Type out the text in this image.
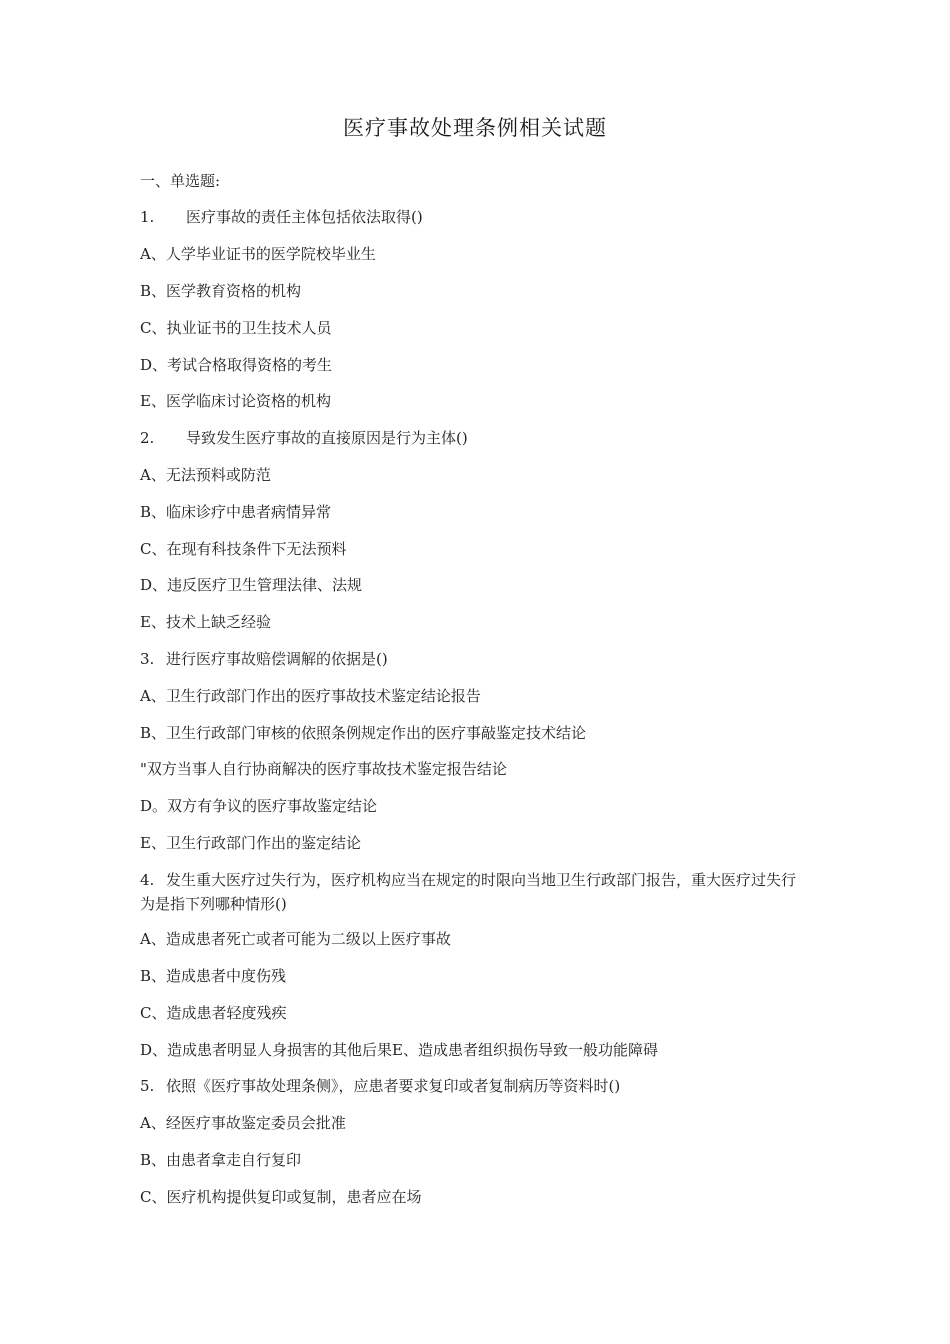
医疗事故处理条例相关试题
一、单选题:
1. 医疗事故的责任主体包括依法取得()
A、人学毕业证书的医学院校毕业生
B、医学教育资格的机构
C、执业证书的卫生技术人员
D、考试合格取得资格的考生
E、医学临床讨论资格的机构
2. 导致发生医疗事故的直接原因是行为主体()
A、无法预料或防范
B、临床诊疗中患者病情异常
C、在现有科技条件下无法预料
D、违反医疗卫生管理法律、法规
E、技术上缺乏经验
3. 进行医疗事故赔偿调解的依据是()
A、卫生行政部门作出的医疗事故技术鉴定结论报告
B、卫生行政部门审核的依照条例规定作出的医疗事敲鉴定技术结论
"双方当事人自行协商解决的医疗事故技术鉴定报告结论
D。双方有争议的医疗事故鉴定结论
E、卫生行政部门作出的鉴定结论
4. 发生重大医疗过失行为，医疗机构应当在规定的时限向当地卫生行政部门报告，重大医疗过失行为是指下列哪种情形()
A、造成患者死亡或者可能为二级以上医疗事故
B、造成患者中度伤残
C、造成患者轻度残疾
D、造成患者明显人身损害的其他后果E、造成患者组织损伤导致一般功能障碍
5. 依照《医疗事故处理条侧》，应患者要求复印或者复制病历等资料时()
A、经医疗事故鉴定委员会批准
B、由患者拿走自行复印
C、医疗机构提供复印或复制，患者应在场
